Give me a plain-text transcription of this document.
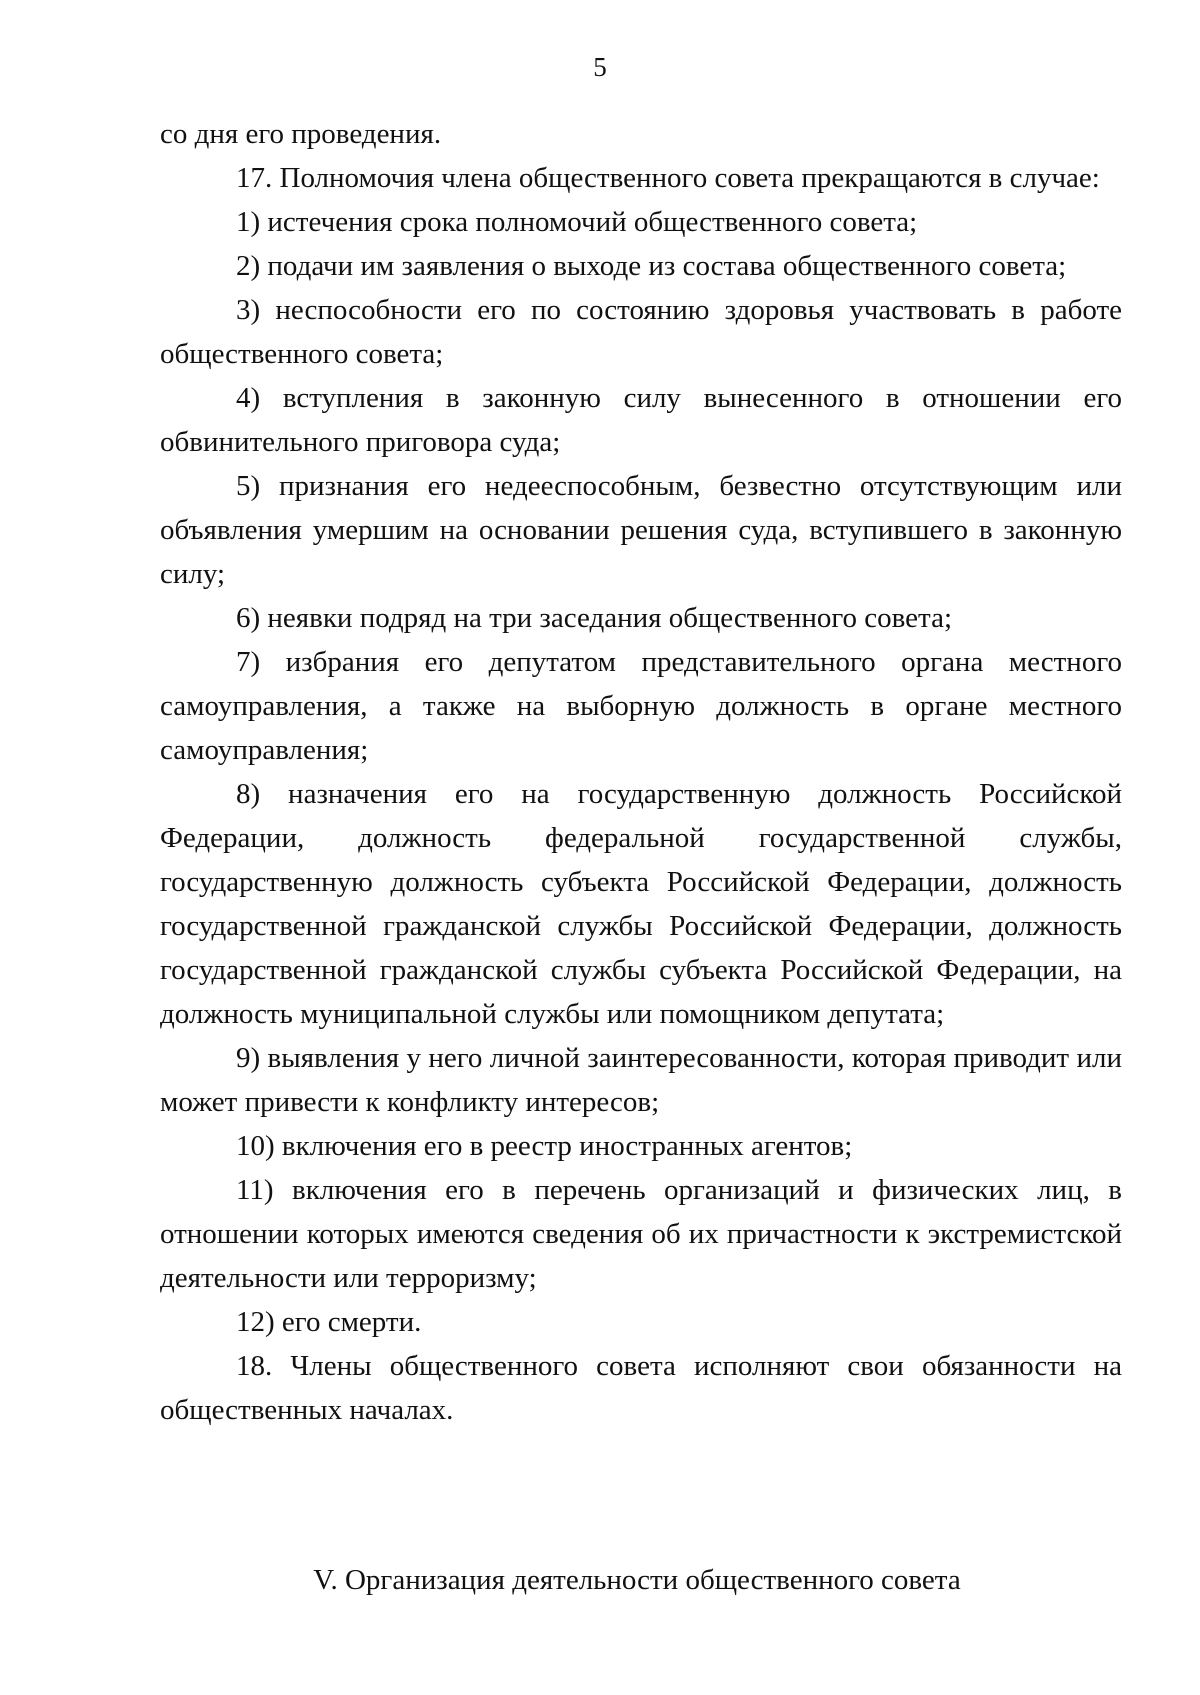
5

со дня его проведения.

17. Полномочия члена общественного совета прекращаются в случае:

1) истечения срока полномочий общественного совета;

2) подачи им заявления о выходе из состава общественного совета;

3) неспособности его по состоянию здоровья участвовать в работе общественного совета;

4) вступления в законную силу вынесенного в отношении его обвинительного приговора суда;

5) признания его недееспособным, безвестно отсутствующим или объявления умершим на основании решения суда, вступившего в законную силу;

6) неявки подряд на три заседания общественного совета;

7) избрания его депутатом представительного органа местного самоуправления, а также на выборную должность в органе местного самоуправления;

8) назначения его на государственную должность Российской Федерации, должность федеральной государственной службы, государственную должность субъекта Российской Федерации, должность государственной гражданской службы Российской Федерации, должность государственной гражданской службы субъекта Российской Федерации, на должность муниципальной службы или помощником депутата;

9) выявления у него личной заинтересованности, которая приводит или может привести к конфликту интересов;

10) включения его в реестр иностранных агентов;

11) включения его в перечень организаций и физических лиц, в отношении которых имеются сведения об их причастности к экстремистской деятельности или терроризму;

12) его смерти.

18. Члены общественного совета исполняют свои обязанности на общественных началах.

V. Организация деятельности общественного совета
